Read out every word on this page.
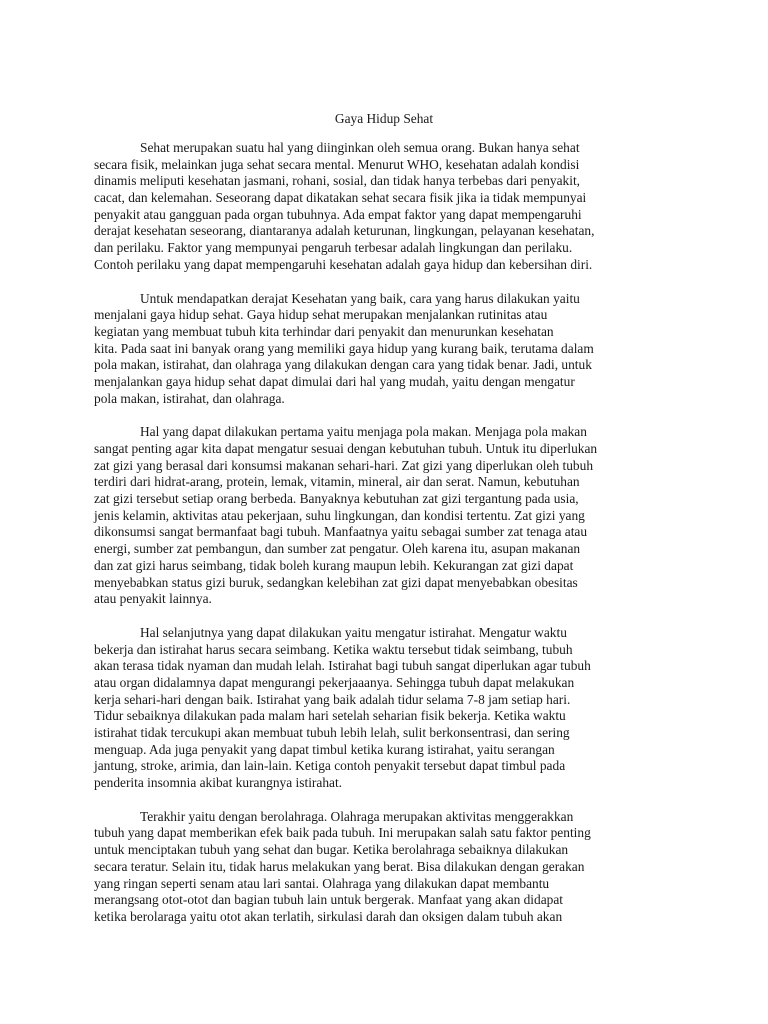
Gaya Hidup Sehat
Sehat merupakan suatu hal yang diinginkan oleh semua orang. Bukan hanya sehat
secara fisik, melainkan juga sehat secara mental. Menurut WHO, kesehatan adalah kondisi
dinamis meliputi kesehatan jasmani, rohani, sosial, dan tidak hanya terbebas dari penyakit,
cacat, dan kelemahan. Seseorang dapat dikatakan sehat secara fisik jika ia tidak mempunyai
penyakit atau gangguan pada organ tubuhnya. Ada empat faktor yang dapat mempengaruhi
derajat kesehatan seseorang, diantaranya adalah keturunan, lingkungan, pelayanan kesehatan,
dan perilaku. Faktor yang mempunyai pengaruh terbesar adalah lingkungan dan perilaku.
Contoh perilaku yang dapat mempengaruhi kesehatan adalah gaya hidup dan kebersihan diri.
Untuk mendapatkan derajat Kesehatan yang baik, cara yang harus dilakukan yaitu
menjalani gaya hidup sehat. Gaya hidup sehat merupakan menjalankan rutinitas atau
kegiatan yang membuat tubuh kita terhindar dari penyakit dan menurunkan kesehatan
kita. Pada saat ini banyak orang yang memiliki gaya hidup yang kurang baik, terutama dalam
pola makan, istirahat, dan olahraga yang dilakukan dengan cara yang tidak benar. Jadi, untuk
menjalankan gaya hidup sehat dapat dimulai dari hal yang mudah, yaitu dengan mengatur
pola makan, istirahat, dan olahraga.
Hal yang dapat dilakukan pertama yaitu menjaga pola makan. Menjaga pola makan
sangat penting agar kita dapat mengatur sesuai dengan kebutuhan tubuh. Untuk itu diperlukan
zat gizi yang berasal dari konsumsi makanan sehari-hari. Zat gizi yang diperlukan oleh tubuh
terdiri dari hidrat-arang, protein, lemak, vitamin, mineral, air dan serat. Namun, kebutuhan
zat gizi tersebut setiap orang berbeda. Banyaknya kebutuhan zat gizi tergantung pada usia,
jenis kelamin, aktivitas atau pekerjaan, suhu lingkungan, dan kondisi tertentu. Zat gizi yang
dikonsumsi sangat bermanfaat bagi tubuh. Manfaatnya yaitu sebagai sumber zat tenaga atau
energi, sumber zat pembangun, dan sumber zat pengatur. Oleh karena itu, asupan makanan
dan zat gizi harus seimbang, tidak boleh kurang maupun lebih. Kekurangan zat gizi dapat
menyebabkan status gizi buruk, sedangkan kelebihan zat gizi dapat menyebabkan obesitas
atau penyakit lainnya.
Hal selanjutnya yang dapat dilakukan yaitu mengatur istirahat. Mengatur waktu
bekerja dan istirahat harus secara seimbang. Ketika waktu tersebut tidak seimbang, tubuh
akan terasa tidak nyaman dan mudah lelah. Istirahat bagi tubuh sangat diperlukan agar tubuh
atau organ didalamnya dapat mengurangi pekerjaaanya. Sehingga tubuh dapat melakukan
kerja sehari-hari dengan baik. Istirahat yang baik adalah tidur selama 7-8 jam setiap hari.
Tidur sebaiknya dilakukan pada malam hari setelah seharian fisik bekerja. Ketika waktu
istirahat tidak tercukupi akan membuat tubuh lebih lelah, sulit berkonsentrasi, dan sering
menguap. Ada juga penyakit yang dapat timbul ketika kurang istirahat, yaitu serangan
jantung, stroke, arimia, dan lain-lain. Ketiga contoh penyakit tersebut dapat timbul pada
penderita insomnia akibat kurangnya istirahat.
Terakhir yaitu dengan berolahraga. Olahraga merupakan aktivitas menggerakkan
tubuh yang dapat memberikan efek baik pada tubuh. Ini merupakan salah satu faktor penting
untuk menciptakan tubuh yang sehat dan bugar. Ketika berolahraga sebaiknya dilakukan
secara teratur. Selain itu, tidak harus melakukan yang berat. Bisa dilakukan dengan gerakan
yang ringan seperti senam atau lari santai. Olahraga yang dilakukan dapat membantu
merangsang otot-otot dan bagian tubuh lain untuk bergerak. Manfaat yang akan didapat
ketika berolaraga yaitu otot akan terlatih, sirkulasi darah dan oksigen dalam tubuh akan
